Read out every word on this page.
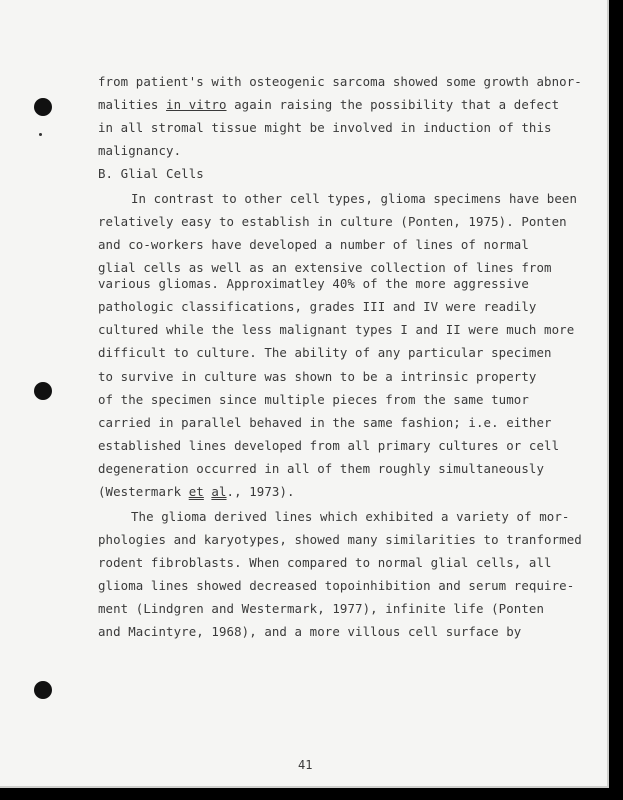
from patient's with osteogenic sarcoma showed some growth abnor-
malities in vitro again raising the possibility that a defect
in all stromal tissue might be involved in induction of this
malignancy.
B. Glial Cells
In contrast to other cell types, glioma specimens have been
relatively easy to establish in culture (Ponten, 1975). Ponten
and co-workers have developed a number of lines of normal
glial cells as well as an extensive collection of lines from
various gliomas. Approximatley 40% of the more aggressive
pathologic classifications, grades III and IV were readily
cultured while the less malignant types I and II were much more
difficult to culture. The ability of any particular specimen
to survive in culture was shown to be a intrinsic property
of the specimen since multiple pieces from the same tumor
carried in parallel behaved in the same fashion; i.e. either
established lines developed from all primary cultures or cell
degeneration occurred in all of them roughly simultaneously
(Westermark et al., 1973).
The glioma derived lines which exhibited a variety of mor-
phologies and karyotypes, showed many similarities to tranformed
rodent fibroblasts. When compared to normal glial cells, all
glioma lines showed decreased topoinhibition and serum require-
ment (Lindgren and Westermark, 1977), infinite life (Ponten
and Macintyre, 1968), and a more villous cell surface by
41
